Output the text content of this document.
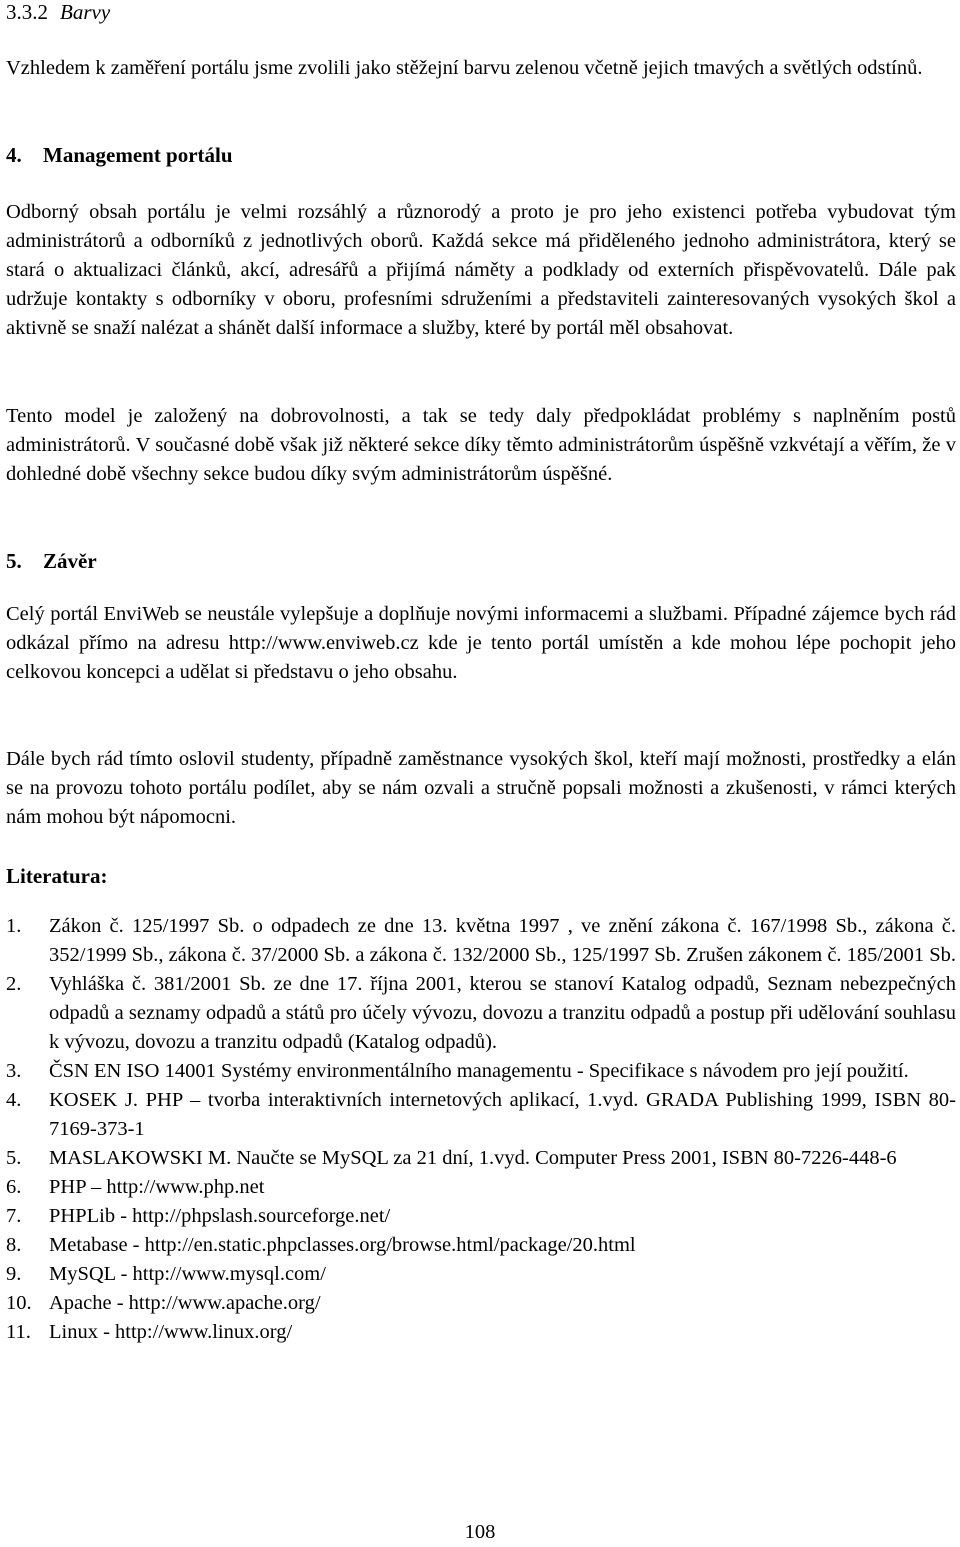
3.3.2 Barvy

Vzhledem k zaměření portálu jsme zvolili jako stěžejní barvu zelenou včetně jejich tmavých a světlých odstínů.

4. Management portálu

Odborný obsah portálu je velmi rozsáhlý a různorodý a proto je pro jeho existenci potřeba vybudovat tým administrátorů a odborníků z jednotlivých oborů. Každá sekce má přiděleného jednoho administrátora, který se stará o aktualizaci článků, akcí, adresářů a přijímá náměty a podklady od externích přispěvovatelů. Dále pak udržuje kontakty s odborníky v oboru, profesními sdruženími a představiteli zainteresovaných vysokých škol a aktivně se snaží nalézat a shánět další informace a služby, které by portál měl obsahovat.

Tento model je založený na dobrovolnosti, a tak se tedy daly předpokládat problémy s naplněním postů administrátorů. V současné době však již některé sekce díky těmto administrátorům úspěšně vzkvétají a věřím, že v dohledné době všechny sekce budou díky svým administrátorům úspěšné.

5. Závěr

Celý portál EnviWeb se neustále vylepšuje a doplňuje novými informacemi a službami. Případné zájemce bych rád odkázal přímo na adresu http://www.enviweb.cz kde je tento portál umístěn a kde mohou lépe pochopit jeho celkovou koncepci a udělat si představu o jeho obsahu.

Dále bych rád tímto oslovil studenty, případně zaměstnance vysokých škol, kteří mají možnosti, prostředky a elán se na provozu tohoto portálu podílet, aby se nám ozvali a stručně popsali možnosti a zkušenosti, v rámci kterých nám mohou být nápomocni.

Literatura:
1. Zákon č. 125/1997 Sb. o odpadech ze dne 13. května 1997 , ve znění zákona č. 167/1998 Sb., zákona č. 352/1999 Sb., zákona č. 37/2000 Sb. a zákona č. 132/2000 Sb., 125/1997 Sb. Zrušen zákonem č. 185/2001 Sb.
2. Vyhláška č. 381/2001 Sb. ze dne 17. října 2001, kterou se stanoví Katalog odpadů, Seznam nebezpečných odpadů a seznamy odpadů a států pro účely vývozu, dovozu a tranzitu odpadů a postup při udělování souhlasu k vývozu, dovozu a tranzitu odpadů (Katalog odpadů).
3. ČSN EN ISO 14001 Systémy environmentálního managementu - Specifikace s návodem pro její použití.
4. KOSEK J. PHP – tvorba interaktivních internetových aplikací, 1.vyd. GRADA Publishing 1999, ISBN 80-7169-373-1
5. MASLAKOWSKI M. Naučte se MySQL za 21 dní, 1.vyd. Computer Press 2001, ISBN 80-7226-448-6
6. PHP – http://www.php.net
7. PHPLib - http://phpslash.sourceforge.net/
8. Metabase - http://en.static.phpclasses.org/browse.html/package/20.html
9. MySQL - http://www.mysql.com/
10. Apache - http://www.apache.org/
11. Linux - http://www.linux.org/
108
